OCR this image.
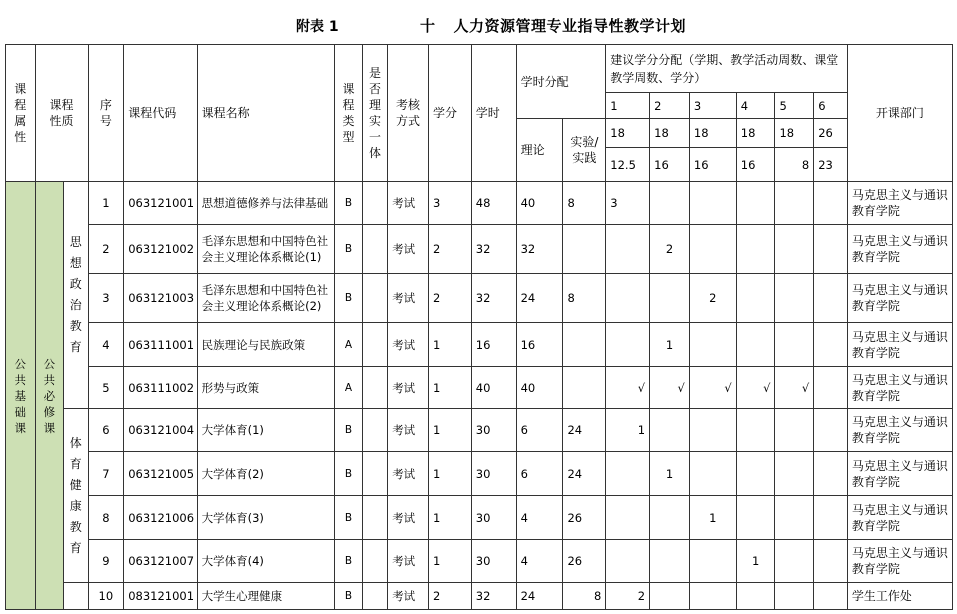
附表 1	十 人力资源管理专业指导性教学计划
课程属性	课程性质		序号	课程代码	课程名称	课程类型	是否理实一体	考核方式	学分	学时	学时分配		建议学分分配（学期、教学活动周数、课堂教学周数、学分）						开课部门
													1	2	3	4	5	6	
											理论	实验/实践	18	18	18	18	18	26	
													12.5	16	16	16	8	23	

公共基础课	公共必修课	思想政治教育	1	063121001	思想道德修养与法律基础	B		考试	3	48	40	8	3						马克思主义与通识教育学院
			2	063121002	毛泽东思想和中国特色社会主义理论体系概论(1)	B		考试	2	32	32			2					马克思主义与通识教育学院
			3	063121003	毛泽东思想和中国特色社会主义理论体系概论(2)	B		考试	2	32	24	8			2				马克思主义与通识教育学院
			4	063111001	民族理论与民族政策	A		考试	1	16	16			1					马克思主义与通识教育学院
			5	063111002	形势与政策	A		考试	1	40	40		√	√	√	√	√		马克思主义与通识教育学院

		体育健康教育	6	063121004	大学体育(1)	B		考试	1	30	6	24	1						马克思主义与通识教育学院
			7	063121005	大学体育(2)	B		考试	1	30	6	24		1					马克思主义与通识教育学院
			8	063121006	大学体育(3)	B		考试	1	30	4	26			1				马克思主义与通识教育学院
			9	063121007	大学体育(4)	B		考试	1	30	4	26				1			马克思主义与通识教育学院
			10	083121001	大学生心理健康	B		考试	2	32	24	8	2						学生工作处
